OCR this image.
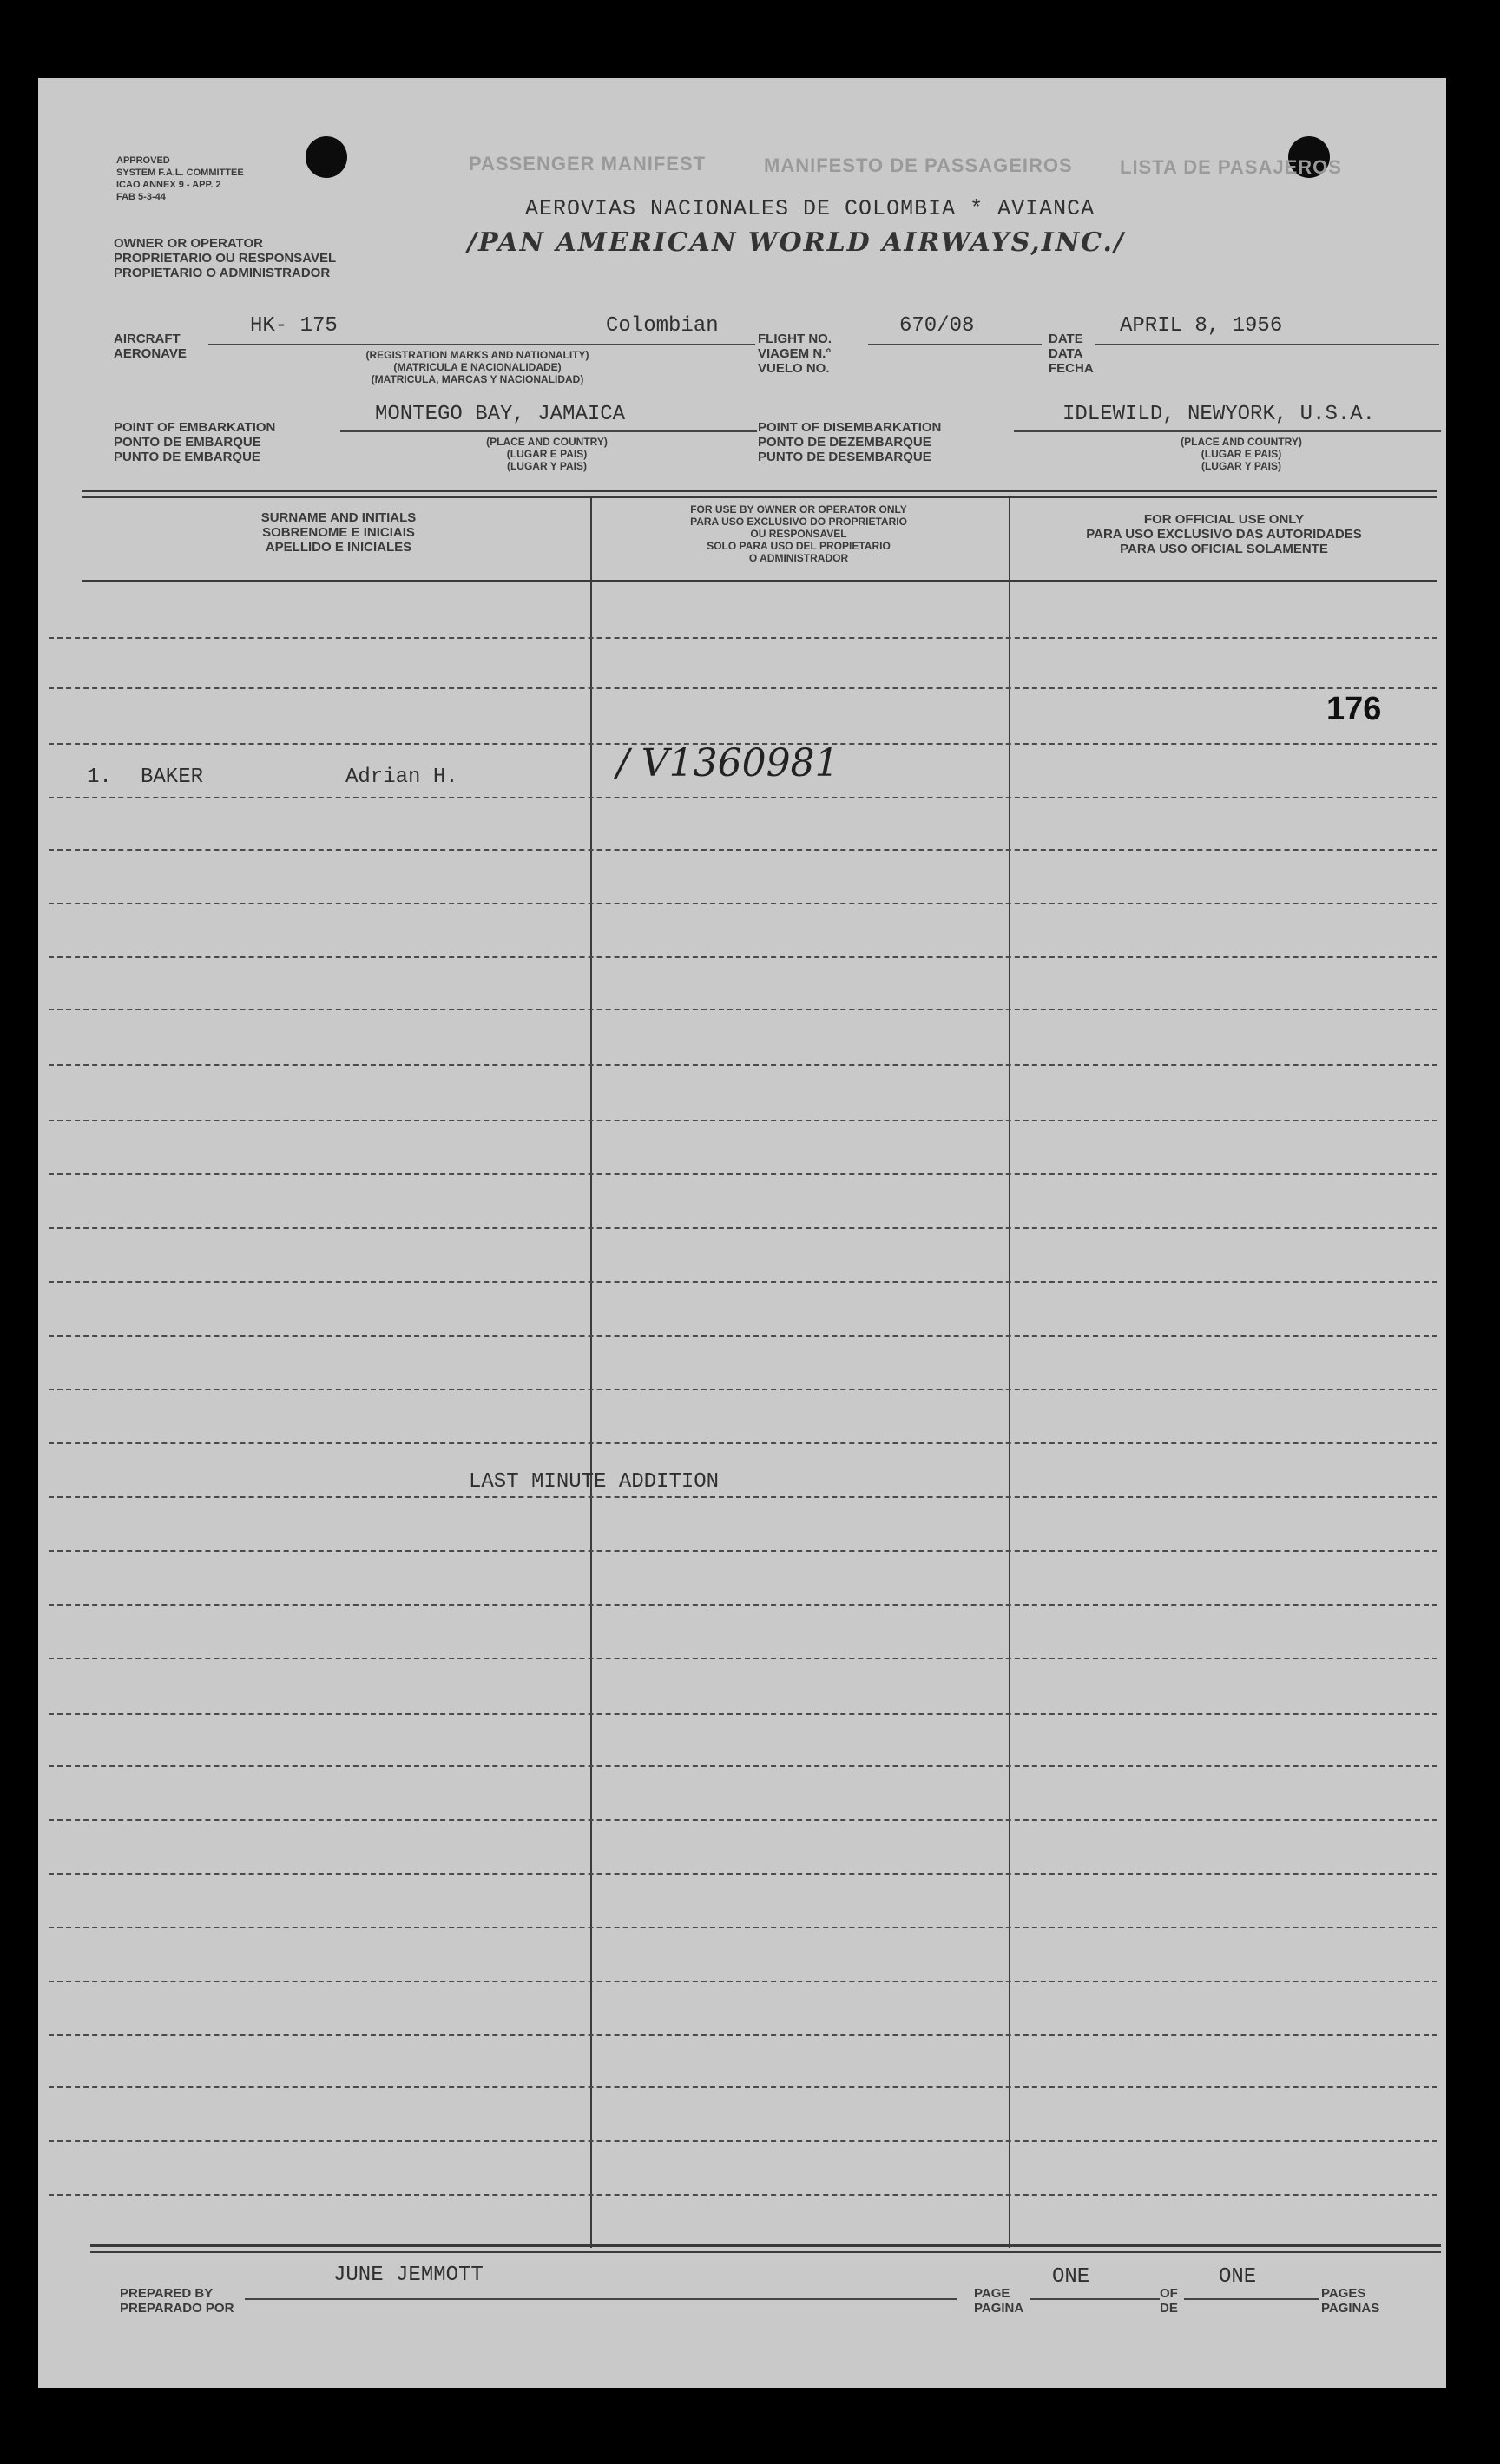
APPROVED
SYSTEM F.A.L. COMMITTEE
ICAO ANNEX 9 - APP. 2
FAB 5-3-44
PASSENGER MANIFEST	MANIFESTO DE PASSAGEIROS LISTA DE PASAJEROS
AEROVIAS NACIONALES DE COLOMBIA * AVIANCA
/PAN AMERICAN WORLD AIRWAYS,INC./
OWNER OR OPERATOR
PROPRIETARIO OU RESPONSAVEL
PROPIETARIO O ADMINISTRADOR
AIRCRAFT
AERONAVE
HK- 175	Colombian
(REGISTRATION MARKS AND NATIONALITY)
(MATRICULA E NACIONALIDADE)
(MATRICULA, MARCAS Y NACIONALIDAD)
FLIGHT NO.
VIAGEM N.°
VUELO NO.
670/08
DATE
DATA
FECHA
APRIL 8, 1956
POINT OF EMBARKATION
PONTO DE EMBARQUE
PUNTO DE EMBARQUE
MONTEGO BAY, JAMAICA
(PLACE AND COUNTRY)
(LUGAR E PAIS)
(LUGAR Y PAIS)
POINT OF DISEMBARKATION
PONTO DE DEZEMBARQUE
PUNTO DE DESEMBARQUE
IDLEWILD, NEWYORK, U.S.A.
(PLACE AND COUNTRY)
(LUGAR E PAIS)
(LUGAR Y PAIS)
SURNAME AND INITIALS
SOBRENOME E INICIAIS
APELLIDO E INICIALES
FOR USE BY OWNER OR OPERATOR ONLY
PARA USO EXCLUSIVO DO PROPRIETARIO
OU RESPONSAVEL
SOLO PARA USO DEL PROPIETARIO
O ADMINISTRADOR
FOR OFFICIAL USE ONLY
PARA USO EXCLUSIVO DAS AUTORIDADES
PARA USO OFICIAL SOLAMENTE
176
1. BAKER	Adrian H.	/ V1360981
LAST MINUTE ADDITION
PREPARED BY
PREPARADO POR
JUNE JEMMOTT
PAGE
PAGINA
ONE
OF
DE
ONE
PAGES
PAGINAS
